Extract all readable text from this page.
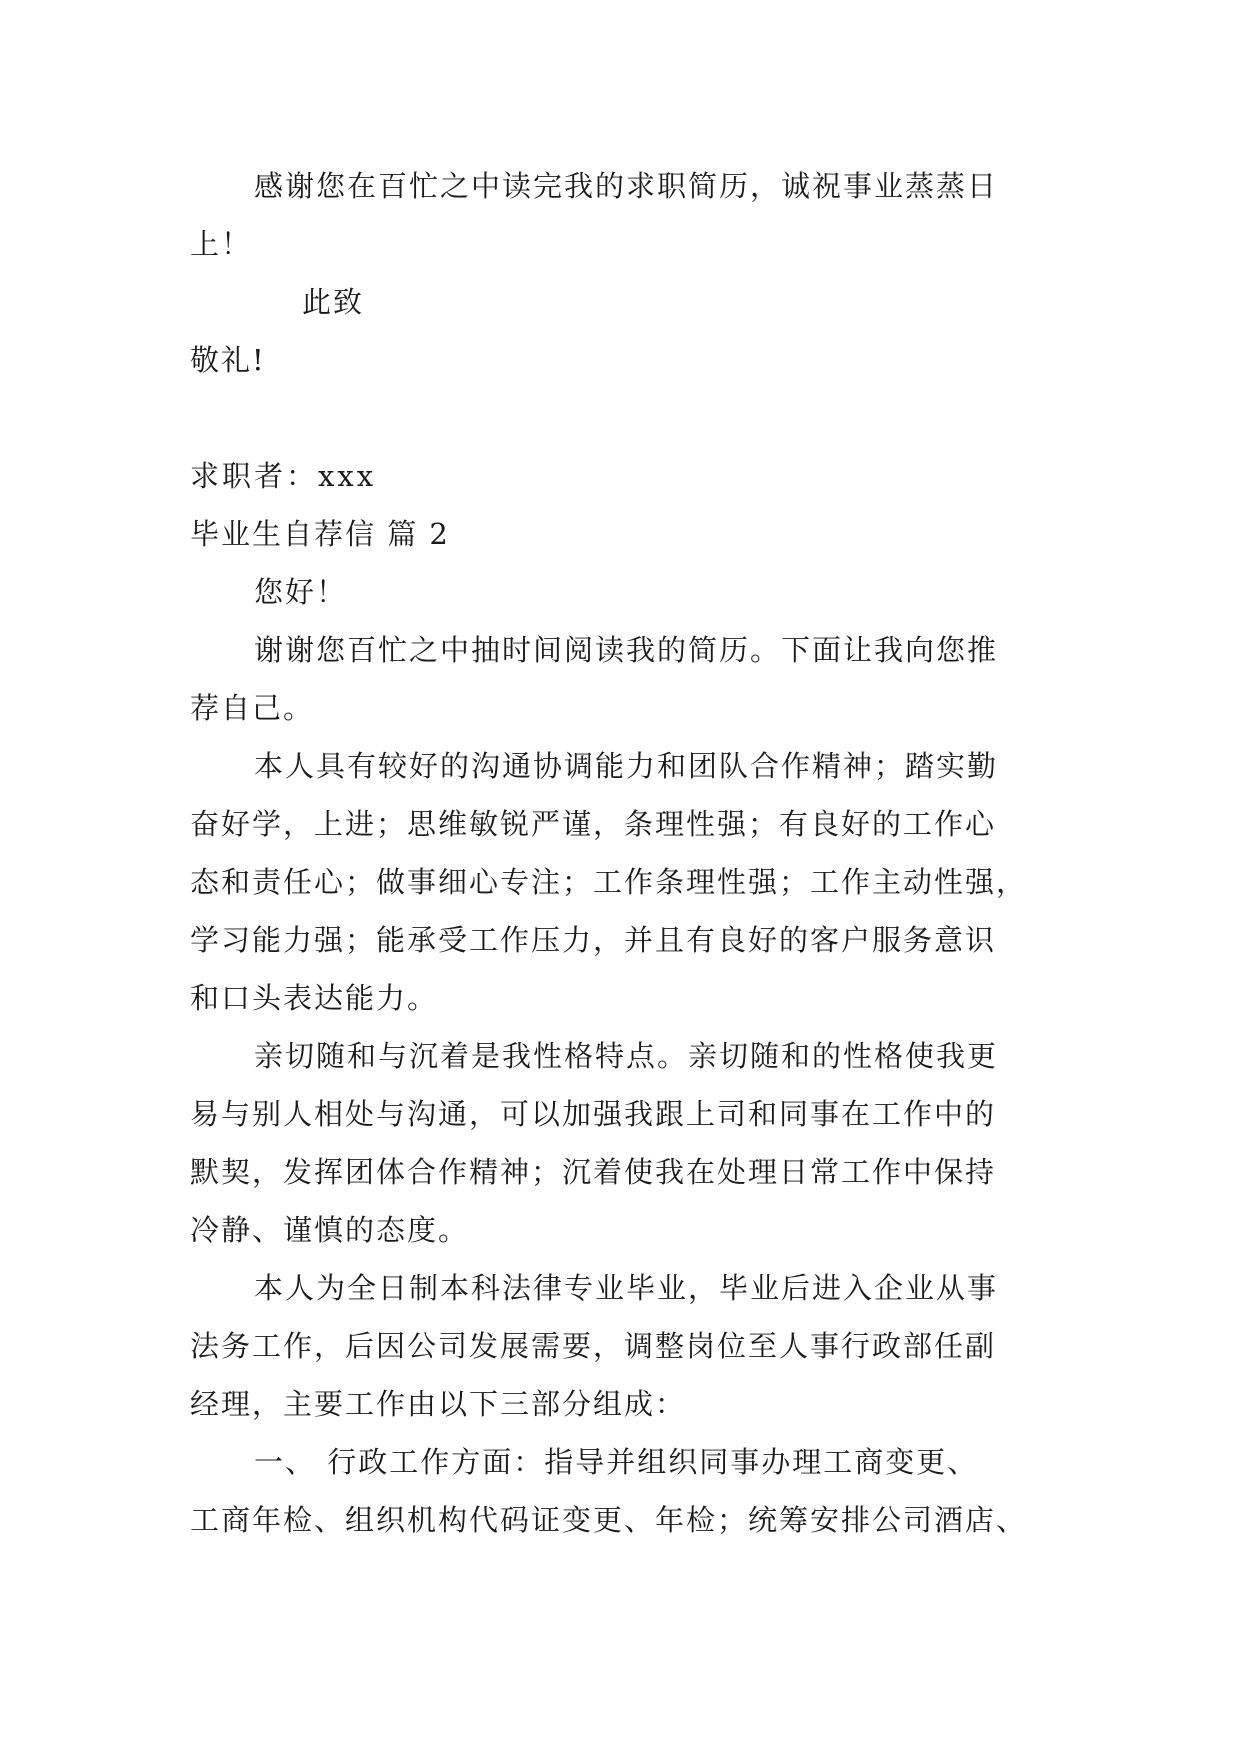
感谢您在百忙之中读完我的求职简历，诚祝事业蒸蒸日
上！
此致
敬礼!
求职者：xxx
毕业生自荐信 篇 2
您好！
谢谢您百忙之中抽时间阅读我的简历。下面让我向您推
荐自己。
本人具有较好的沟通协调能力和团队合作精神；踏实勤
奋好学，上进；思维敏锐严谨，条理性强；有良好的工作心
态和责任心；做事细心专注；工作条理性强；工作主动性强，
学习能力强；能承受工作压力，并且有良好的客户服务意识
和口头表达能力。
亲切随和与沉着是我性格特点。亲切随和的性格使我更
易与别人相处与沟通，可以加强我跟上司和同事在工作中的
默契，发挥团体合作精神；沉着使我在处理日常工作中保持
冷静、谨慎的态度。
本人为全日制本科法律专业毕业，毕业后进入企业从事
法务工作，后因公司发展需要，调整岗位至人事行政部任副
经理，主要工作由以下三部分组成：
一、 行政工作方面：指导并组织同事办理工商变更、
工商年检、组织机构代码证变更、年检；统筹安排公司酒店、
